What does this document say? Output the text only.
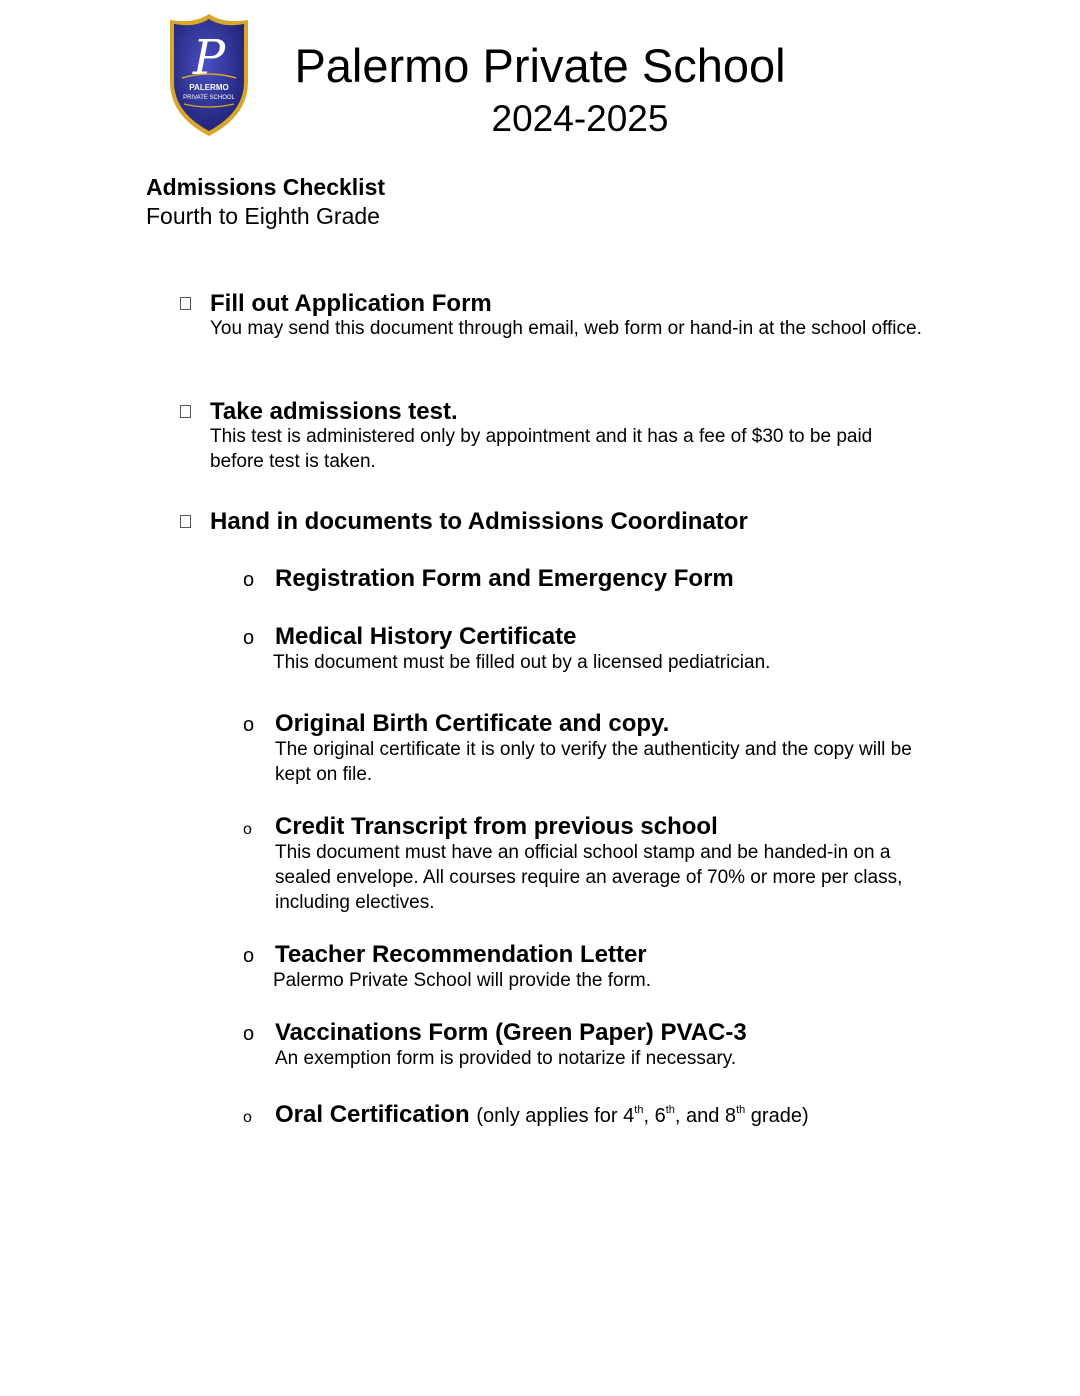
P
PALERMO
PRIVATE SCHOOL
Palermo Private School
2024-2025
Admissions Checklist
Fourth to Eighth Grade
Fill out Application Form
You may send this document through email, web form or hand-in at the school office.
Take admissions test.
This test is administered only by appointment and it has a fee of $30 to be paid before test is taken.
Hand in documents to Admissions Coordinator
o Registration Form and Emergency Form
o Medical History Certificate
This document must be filled out by a licensed pediatrician.
o Original Birth Certificate and copy.
The original certificate it is only to verify the authenticity and the copy will be kept on file.
o Credit Transcript from previous school
This document must have an official school stamp and be handed-in on a sealed envelope. All courses require an average of 70% or more per class, including electives.
o Teacher Recommendation Letter
Palermo Private School will provide the form.
o Vaccinations Form (Green Paper) PVAC-3
An exemption form is provided to notarize if necessary.
o Oral Certification (only applies for 4th, 6th, and 8th grade)
